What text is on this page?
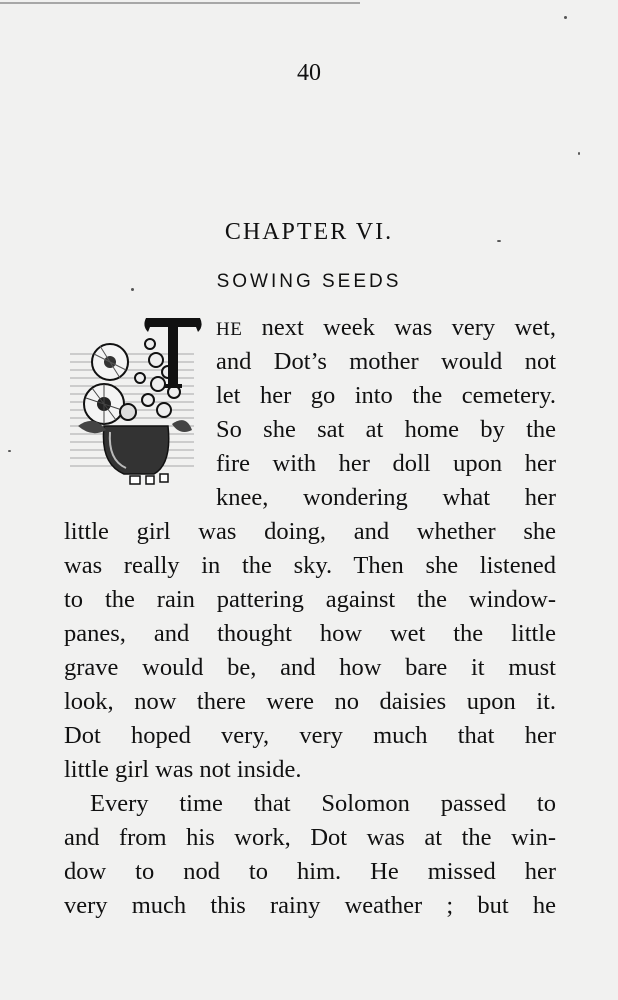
40
CHAPTER VI.
SOWING SEEDS
HE next week was very wet,
and Dot’s mother would not
let her go into the cemetery.
So she sat at home by the
fire with her doll upon her
knee, wondering what her
little girl was doing, and whether she
was really in the sky. Then she listened
to the rain pattering against the window-
panes, and thought how wet the little
grave would be, and how bare it must
look, now there were no daisies upon it.
Dot hoped very, very much that her
little girl was not inside.
Every time that Solomon passed to
and from his work, Dot was at the win-
dow to nod to him. He missed her
very much this rainy weather ; but he
